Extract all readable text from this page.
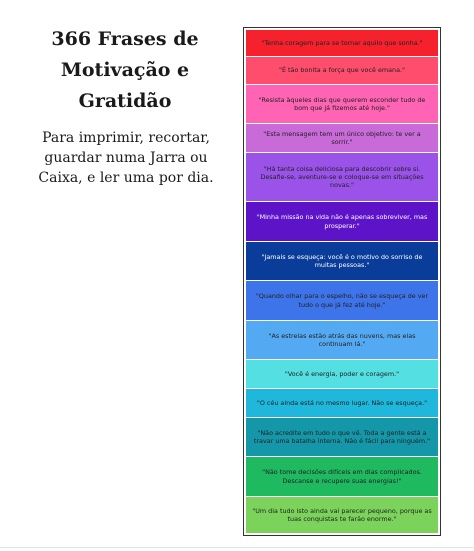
366 Frases de Motivação e Gratidão

Para imprimir, recortar, guardar numa Jarra ou Caixa, e ler uma por dia.

"Tenha coragem para se tornar aquilo que sonha."
"É tão bonita a força que você emana."
"Resista àqueles dias que querem esconder tudo de bom que já fizemos até hoje."
"Esta mensagem tem um único objetivo: te ver a sorrir."
"Há tanta coisa deliciosa para descobrir sobre si. Desafie-se, aventure-se e coloque-se em situações novas."
"Minha missão na vida não é apenas sobreviver, mas prosperar."
"Jamais se esqueça: você é o motivo do sorriso de muitas pessoas."
"Quando olhar para o espelho, não se esqueça de ver tudo o que já fez até hoje."
"As estrelas estão atrás das nuvens, mas elas continuam lá."
"Você é energia, poder e coragem."
"O céu ainda está no mesmo lugar. Não se esqueça."
"Não acredite em tudo o que vê. Toda a gente está a travar uma batalha interna. Não é fácil para ninguém."
"Não tome decisões difíceis em dias complicados. Descanse e recupere suas energias!"
"Um dia tudo isto ainda vai parecer pequeno, porque as tuas conquistas te farão enorme."
